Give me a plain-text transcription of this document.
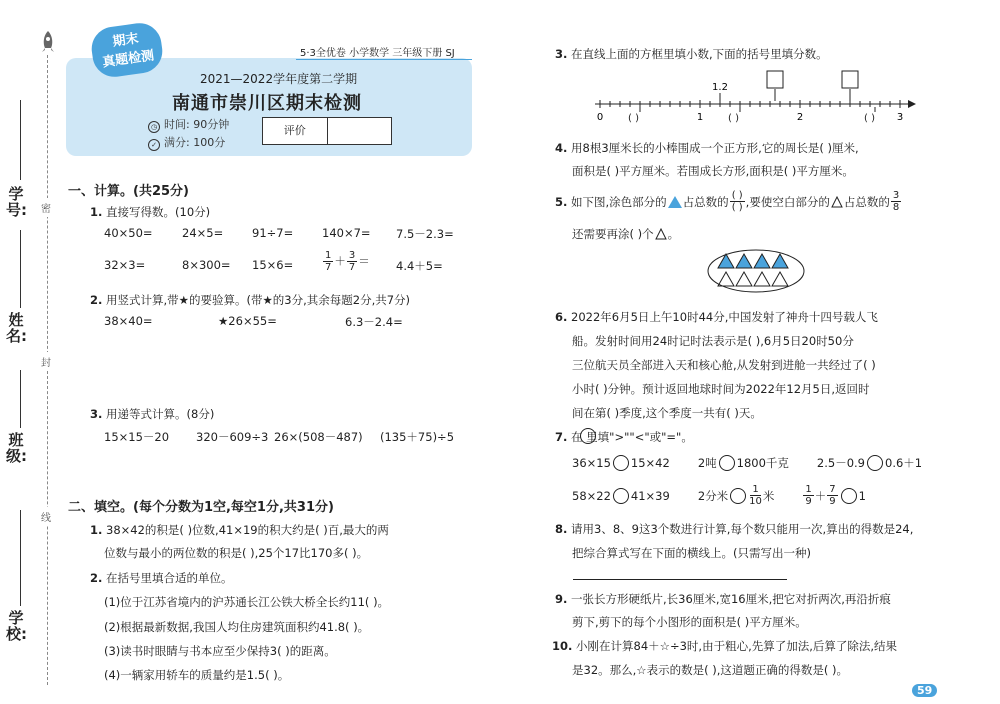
密
封
线
学号:
姓名:
班级:
学校:
期末
真题检测	5·3全优卷 小学数学 三年级下册 SJ
2021—2022学年度第二学期
南通市崇川区期末检测
◷ 时间: 90分钟
✓ 满分: 100分
评价
一、计算。(共25分)
1. 直接写得数。(10分)
40×50=	24×5=	91÷7=	140×7= 7.5－2.3=
32×3=	8×300= 15×6=	$\frac{1}{7} + \frac{3}{7} = 4.4+5=$
2. 用竖式计算,带★的要验算。(带★的3分,其余每题2分,共7分)
38×40=	★26×55=	6.3－2.4=
3. 用递等式计算。(8分)
15×15－20 320－609÷3 26×(508－487) (135＋75)÷5
二、填空。(每个分数为1空,每空1分,共31分)
1. 38×42的积是( )位数,41×19的积大约是( )百,最大的两
位数与最小的两位数的积是( ),25个17比170多( )。
2. 在括号里填合适的单位。
(1)位于江苏省境内的沪苏通长江公铁大桥全长约11( )。
(2)根据最新数据,我国人均住房建筑面积约41.8( )。
(3)读书时眼睛与书本应至少保持3( )的距离。
(4)一辆家用轿车的质量约是1.5( )。
3. 在直线上面的方框里填小数,下面的括号里填分数。
0	1	2	3
1.2
( )	( )	( )
4. 用8根3厘米长的小棒围成一个正方形,它的周长是( )厘米,
面积是( )平方厘米。若围成长方形,面积是( )平方厘米。
5.
如下图,涂色部分的 占总数的 $\frac{( )}{( )}$ ,要使空白部分的 占总数的 $\frac{3}{8}$
还需要再涂( )个 。
6. 2022年6月5日上午10时44分,中国发射了神舟十四号载人飞
船。发射时间用24时记时法表示是( ),6月5日20时50分
三位航天员全部进入天和核心舱,从发射到进舱一共经过了( )
小时( )分钟。预计返回地球时间为2022年12月5日,返回时
间在第( )季度,这个季度一共有( )天。
7.
在 里填">""<"或"="。
36×15 15×42 2吨 1800千克 2.5－0.9 0.6＋1
58×22 41×39 2分米 $\frac{1}{10}$ 米	$\frac{1}{9} + \frac{7}{9} 1$
8. 请用3、8、9这3个数进行计算,每个数只能用一次,算出的得数是24,
把综合算式写在下面的横线上。(只需写出一种)
9. 一张长方形硬纸片,长36厘米,宽16厘米,把它对折两次,再沿折痕
剪下,剪下的每个小图形的面积是( )平方厘米。
10. 小刚在计算84＋☆÷3时,由于粗心,先算了加法,后算了除法,结果
是32。那么,☆表示的数是( ),这道题正确的得数是( )。
59
